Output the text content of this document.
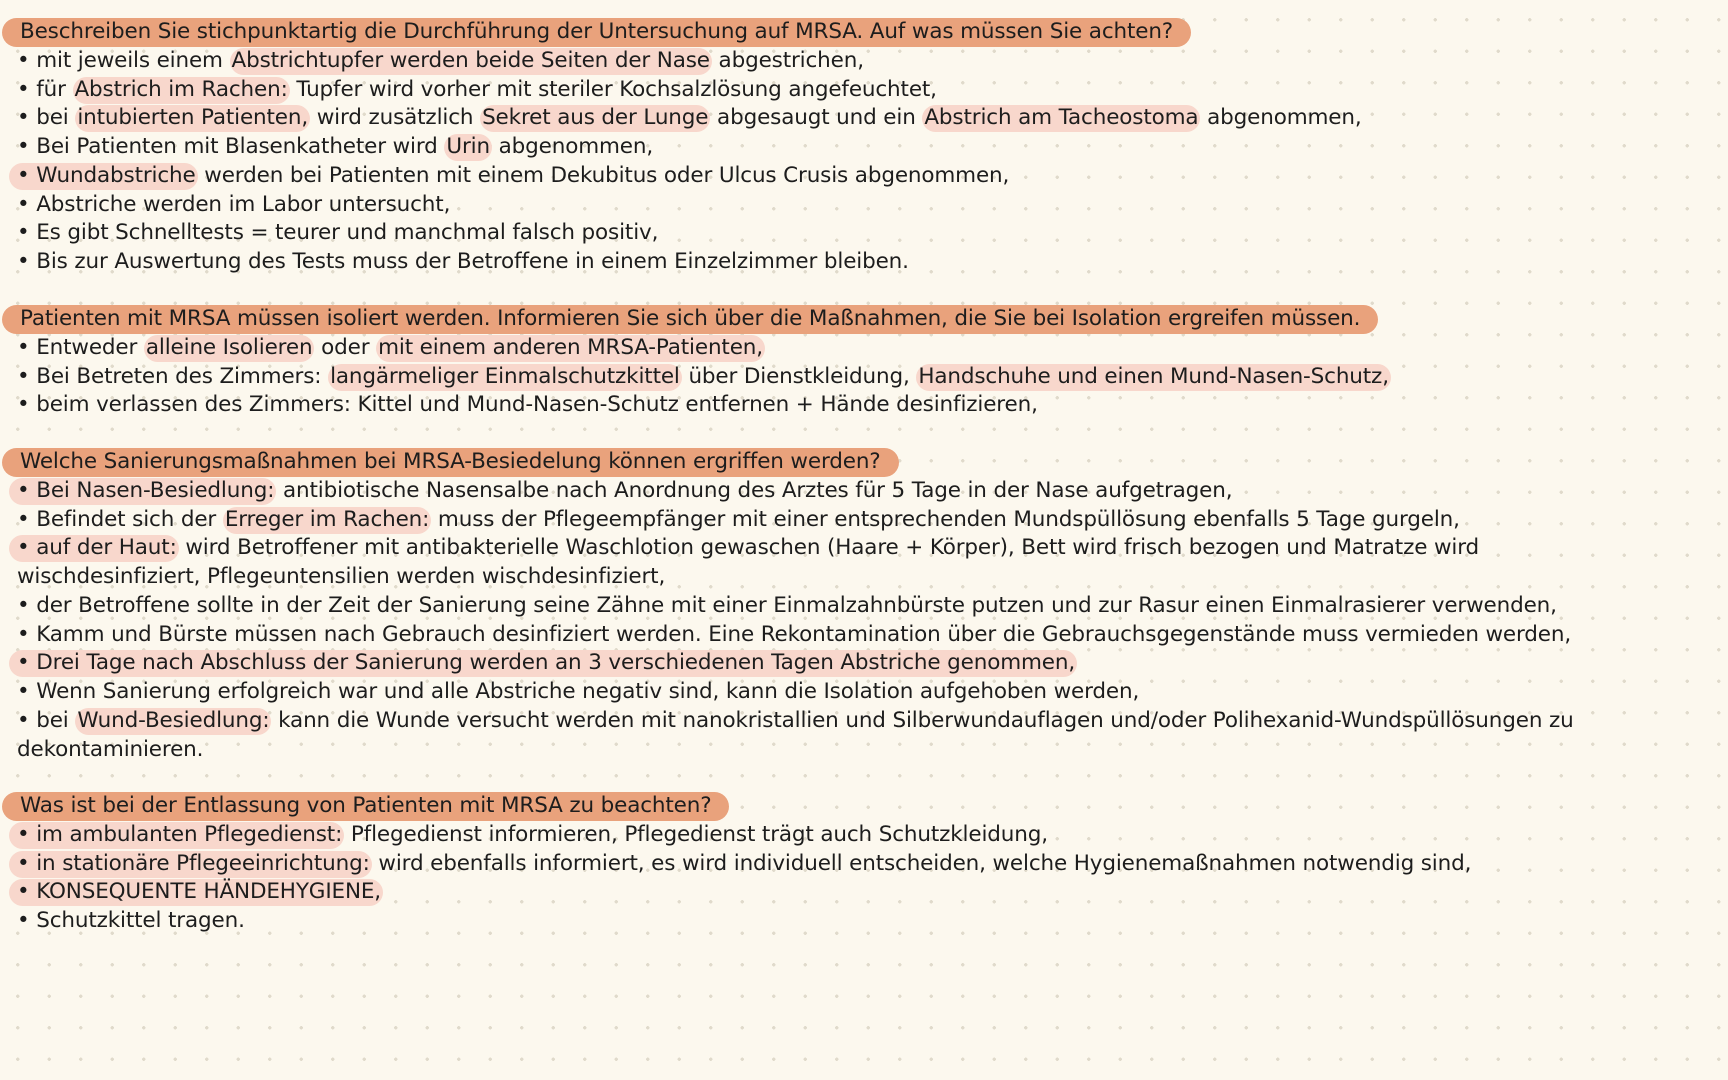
Beschreiben Sie stichpunktartig die Durchführung der Untersuchung auf MRSA. Auf was müssen Sie achten?
• mit jeweils einem Abstrichtupfer werden beide Seiten der Nase abgestrichen,
• für Abstrich im Rachen: Tupfer wird vorher mit steriler Kochsalzlösung angefeuchtet,
• bei intubierten Patienten, wird zusätzlich Sekret aus der Lunge abgesaugt und ein Abstrich am Tacheostoma abgenommen,
• Bei Patienten mit Blasenkatheter wird Urin abgenommen,
• Wundabstriche werden bei Patienten mit einem Dekubitus oder Ulcus Crusis abgenommen,
• Abstriche werden im Labor untersucht,
• Es gibt Schnelltests = teurer und manchmal falsch positiv,
• Bis zur Auswertung des Tests muss der Betroffene in einem Einzelzimmer bleiben.
Patienten mit MRSA müssen isoliert werden. Informieren Sie sich über die Maßnahmen, die Sie bei Isolation ergreifen müssen.
• Entweder alleine Isolieren oder mit einem anderen MRSA-Patienten,
• Bei Betreten des Zimmers: langärmeliger Einmalschutzkittel über Dienstkleidung, Handschuhe und einen Mund-Nasen-Schutz,
• beim verlassen des Zimmers: Kittel und Mund-Nasen-Schutz entfernen + Hände desinfizieren,
Welche Sanierungsmaßnahmen bei MRSA-Besiedelung können ergriffen werden?
• Bei Nasen-Besiedlung: antibiotische Nasensalbe nach Anordnung des Arztes für 5 Tage in der Nase aufgetragen,
• Befindet sich der Erreger im Rachen: muss der Pflegeempfänger mit einer entsprechenden Mundspüllösung ebenfalls 5 Tage gurgeln,
• auf der Haut: wird Betroffener mit antibakterielle Waschlotion gewaschen (Haare + Körper), Bett wird frisch bezogen und Matratze wird
wischdesinfiziert, Pflegeuntensilien werden wischdesinfiziert,
• der Betroffene sollte in der Zeit der Sanierung seine Zähne mit einer Einmalzahnbürste putzen und zur Rasur einen Einmalrasierer verwenden,
• Kamm und Bürste müssen nach Gebrauch desinfiziert werden. Eine Rekontamination über die Gebrauchsgegenstände muss vermieden werden,
• Drei Tage nach Abschluss der Sanierung werden an 3 verschiedenen Tagen Abstriche genommen,
• Wenn Sanierung erfolgreich war und alle Abstriche negativ sind, kann die Isolation aufgehoben werden,
• bei Wund-Besiedlung: kann die Wunde versucht werden mit nanokristallien und Silberwundauflagen und/oder Polihexanid-Wundspüllösungen zu
dekontaminieren.
Was ist bei der Entlassung von Patienten mit MRSA zu beachten?
• im ambulanten Pflegedienst: Pflegedienst informieren, Pflegedienst trägt auch Schutzkleidung,
• in stationäre Pflegeeinrichtung: wird ebenfalls informiert, es wird individuell entscheiden, welche Hygienemaßnahmen notwendig sind,
• KONSEQUENTE HÄNDEHYGIENE,
• Schutzkittel tragen.
